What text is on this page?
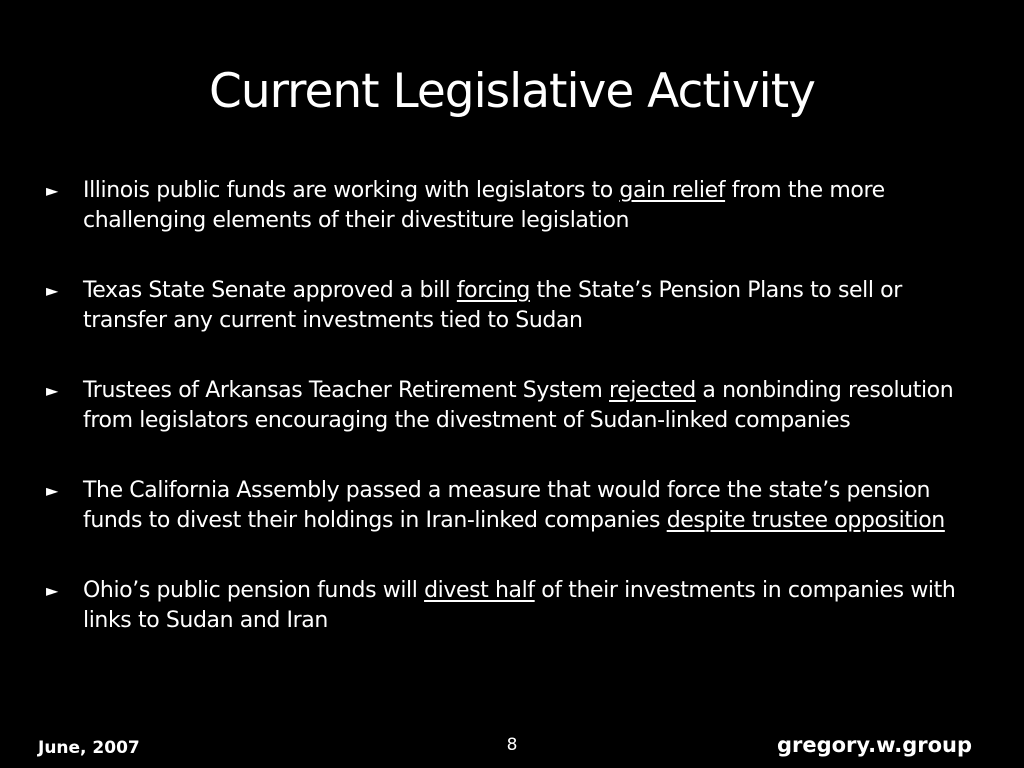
Current Legislative Activity
► Illinois public funds are working with legislators to gain relief from the more challenging elements of their divestiture legislation
► Texas State Senate approved a bill forcing the State’s Pension Plans to sell or transfer any current investments tied to Sudan
► Trustees of Arkansas Teacher Retirement System rejected a nonbinding resolution from legislators encouraging the divestment of Sudan-linked companies
► The California Assembly passed a measure that would force the state’s pension funds to divest their holdings in Iran-linked companies despite trustee opposition
► Ohio’s public pension funds will divest half of their investments in companies with links to Sudan and Iran
June, 2007	8	gregory.w.group
